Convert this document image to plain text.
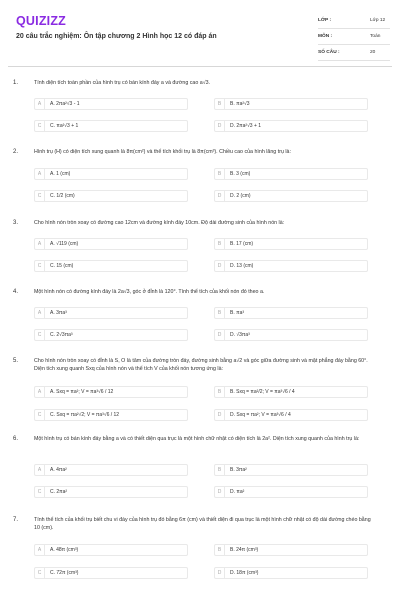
QUIZIZZ
20 câu trắc nghiệm: Ôn tập chương 2 Hình học 12 có đáp án
LỚP :	Lớp 12
MÔN :	Toán
SỐ CÂU :	20
1.	Tính diện tích toàn phần của hình trụ có bán kính đáy a và đường cao a√3.
A	A. 2πa²√3 - 1	B	B. πa²√3
C	C. πa²√3 + 1	D	D. 2πa²√3 + 1
2.	Hình trụ (H) có diện tích xung quanh là 8π(cm²) và thể tích khối trụ là 8π(cm³). Chiều cao của hình lăng trụ là:
A	A. 1 (cm)	B	B. 3 (cm)
C	C. 1/2 (cm)	D	D. 2 (cm)
3.	Cho hình nón tròn xoay có đường cao 12cm và đường kính đáy 10cm. Độ dài đường sinh của hình nón là:
A	A. √119 (cm)	B	B. 17 (cm)
C	C. 15 (cm)	D	D. 13 (cm)
4.	Một hình nón có đường kính đáy là 2a√3, góc ở đỉnh là 120°. Tính thể tích của khối nón đó theo a.
A	A. 3πa³	B	B. πa³
C	C. 2√3πa³	D	D. √3πa³
5.	Cho hình nón tròn xoay có đỉnh là S, O là tâm của đường tròn đáy, đường sinh bằng a√2 và góc giữa đường sinh và mặt phẳng đáy bằng 60°. Diện tích xung quanh Sxq của hình nón và thể tích V của khối nón tương ứng là:
A	A. Sxq = πa²; V = πa³√6 / 12	B	B. Sxq = πa²/2; V = πa³√6 / 4
C	C. Sxq = πa²√2; V = πa³√6 / 12	D	D. Sxq = πa²; V = πa³√6 / 4
6.	Một hình trụ có bán kính đáy bằng a và có thiết diện qua trục là một hình chữ nhật có diện tích là 2a². Diện tích xung quanh của hình trụ là:
A	A. 4πa²	B	B. 3πa²
C	C. 2πa²	D	D. πa²
7.	Tính thể tích của khối trụ biết chu vi đáy của hình trụ đó bằng 6π (cm) và thiết diện đi qua trục là một hình chữ nhật có độ dài đường chéo bằng 10 (cm).
A	A. 48π (cm³)	B	B. 24π (cm³)
C	C. 72π (cm³)	D	D. 18π (cm³)
